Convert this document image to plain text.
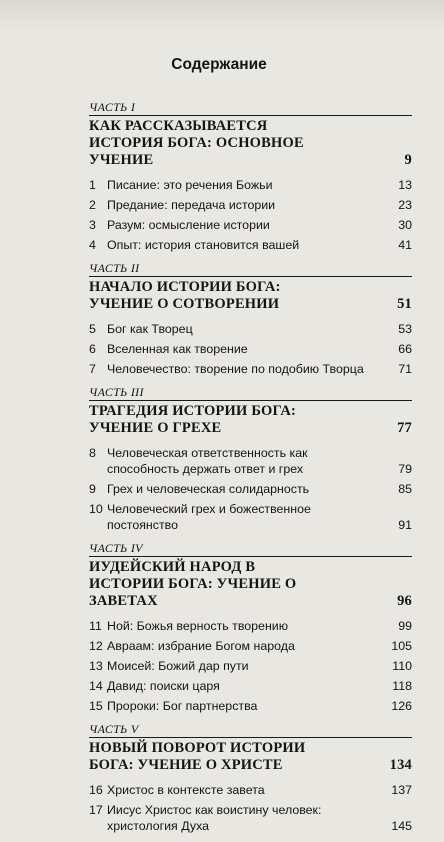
Содержание
ЧАСТЬ I
КАК РАССКАЗЫВАЕТСЯ ИСТОРИЯ БОГА: ОСНОВНОЕ УЧЕНИЕ	9
1 Писание: это речения Божьи	13
2 Предание: передача истории	23
3 Разум: осмысление истории	30
4 Опыт: история становится вашей	41
ЧАСТЬ II
НАЧАЛО ИСТОРИИ БОГА: УЧЕНИЕ О СОТВОРЕНИИ	51
5 Бог как Творец	53
6 Вселенная как творение	66
7 Человечество: творение по подобию Творца	71
ЧАСТЬ III
ТРАГЕДИЯ ИСТОРИИ БОГА: УЧЕНИЕ О ГРЕХЕ	77
8 Человеческая ответственность как способность держать ответ и грех	79
9 Грех и человеческая солидарность	85
10 Человеческий грех и божественное постоянство	91
ЧАСТЬ IV
ИУДЕЙСКИЙ НАРОД В ИСТОРИИ БОГА: УЧЕНИЕ О ЗАВЕТАХ	96
11 Ной: Божья верность творению	99
12 Авраам: избрание Богом народа	105
13 Моисей: Божий дар пути	110
14 Давид: поиски царя	118
15 Пророки: Бог партнерства	126
ЧАСТЬ V
НОВЫЙ ПОВОРОТ ИСТОРИИ БОГА: УЧЕНИЕ О ХРИСТЕ	134
16 Христос в контексте завета	137
17 Иисус Христос как воистину человек: христология Духа	145
